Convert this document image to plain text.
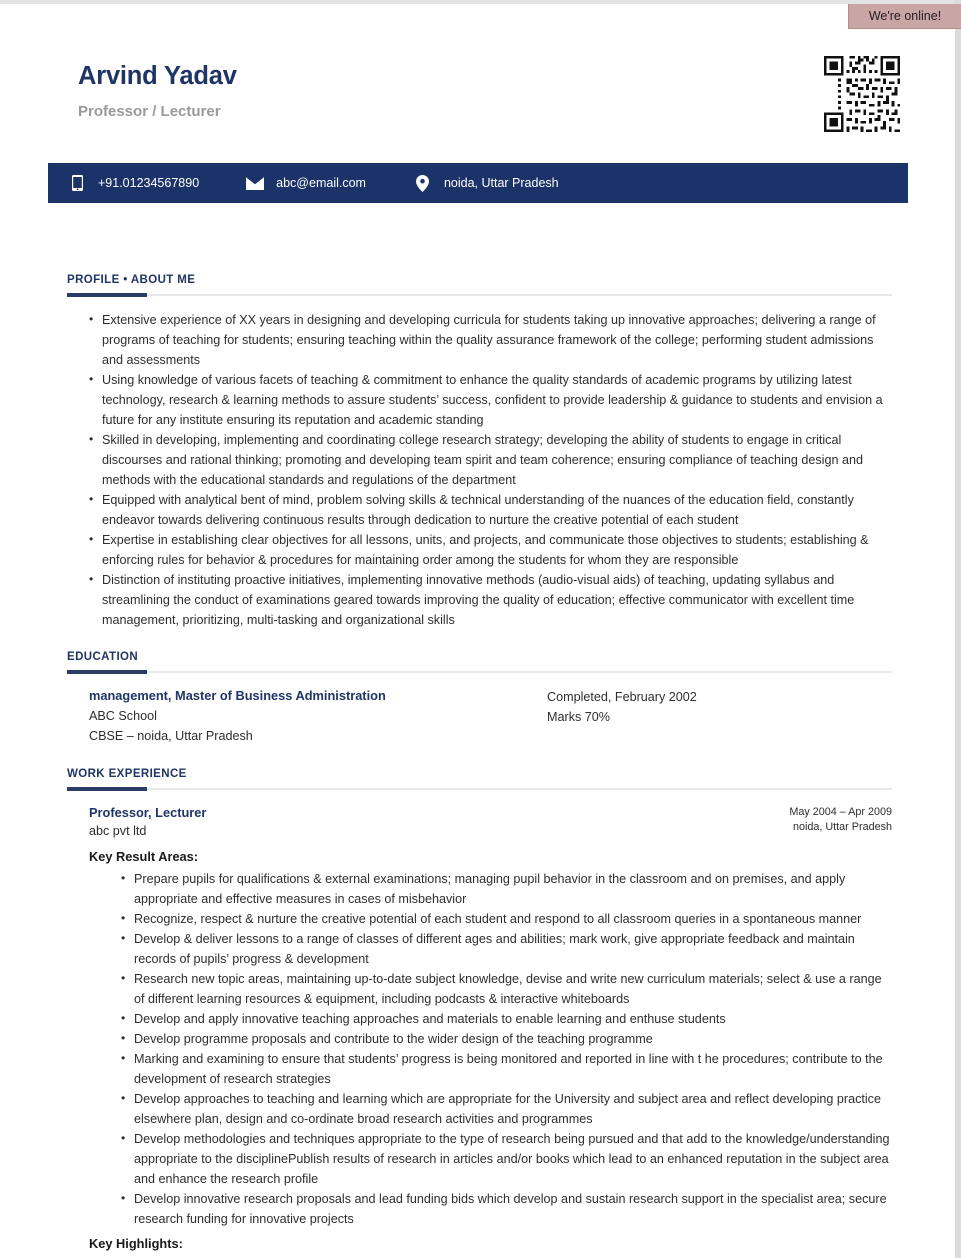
We're online!
Arvind Yadav
Professor / Lecturer
+91.01234567890	abc@email.com	noida, Uttar Pradesh
PROFILE • ABOUT ME
• Extensive experience of XX years in designing and developing curricula for students taking up innovative approaches; delivering a range of programs of teaching for students; ensuring teaching within the quality assurance framework of the college; performing student admissions and assessments
• Using knowledge of various facets of teaching & commitment to enhance the quality standards of academic programs by utilizing latest technology, research & learning methods to assure students’ success, confident to provide leadership & guidance to students and envision a future for any institute ensuring its reputation and academic standing
• Skilled in developing, implementing and coordinating college research strategy; developing the ability of students to engage in critical discourses and rational thinking; promoting and developing team spirit and team coherence; ensuring compliance of teaching design and methods with the educational standards and regulations of the department
• Equipped with analytical bent of mind, problem solving skills & technical understanding of the nuances of the education field, constantly endeavor towards delivering continuous results through dedication to nurture the creative potential of each student
• Expertise in establishing clear objectives for all lessons, units, and projects, and communicate those objectives to students; establishing & enforcing rules for behavior & procedures for maintaining order among the students for whom they are responsible
• Distinction of instituting proactive initiatives, implementing innovative methods (audio-visual aids) of teaching, updating syllabus and streamlining the conduct of examinations geared towards improving the quality of education; effective communicator with excellent time management, prioritizing, multi-tasking and organizational skills
EDUCATION
management, Master of Business Administration
ABC School
CBSE – noida, Uttar Pradesh
Completed, February 2002
Marks 70%
WORK EXPERIENCE
Professor, Lecturer
abc pvt ltd
May 2004 – Apr 2009
noida, Uttar Pradesh
Key Result Areas:
• Prepare pupils for qualifications & external examinations; managing pupil behavior in the classroom and on premises, and apply appropriate and effective measures in cases of misbehavior
• Recognize, respect & nurture the creative potential of each student and respond to all classroom queries in a spontaneous manner
• Develop & deliver lessons to a range of classes of different ages and abilities; mark work, give appropriate feedback and maintain records of pupils’ progress & development
• Research new topic areas, maintaining up-to-date subject knowledge, devise and write new curriculum materials; select & use a range of different learning resources & equipment, including podcasts & interactive whiteboards
• Develop and apply innovative teaching approaches and materials to enable learning and enthuse students
• Develop programme proposals and contribute to the wider design of the teaching programme
• Marking and examining to ensure that students’ progress is being monitored and reported in line with t he procedures; contribute to the development of research strategies
• Develop approaches to teaching and learning which are appropriate for the University and subject area and reflect developing practice elsewhere plan, design and co-ordinate broad research activities and programmes
• Develop methodologies and techniques appropriate to the type of research being pursued and that add to the knowledge/understanding appropriate to the disciplinePublish results of research in articles and/or books which lead to an enhanced reputation in the subject area and enhance the research profile
• Develop innovative research proposals and lead funding bids which develop and sustain research support in the specialist area; secure research funding for innovative projects
Key Highlights:
